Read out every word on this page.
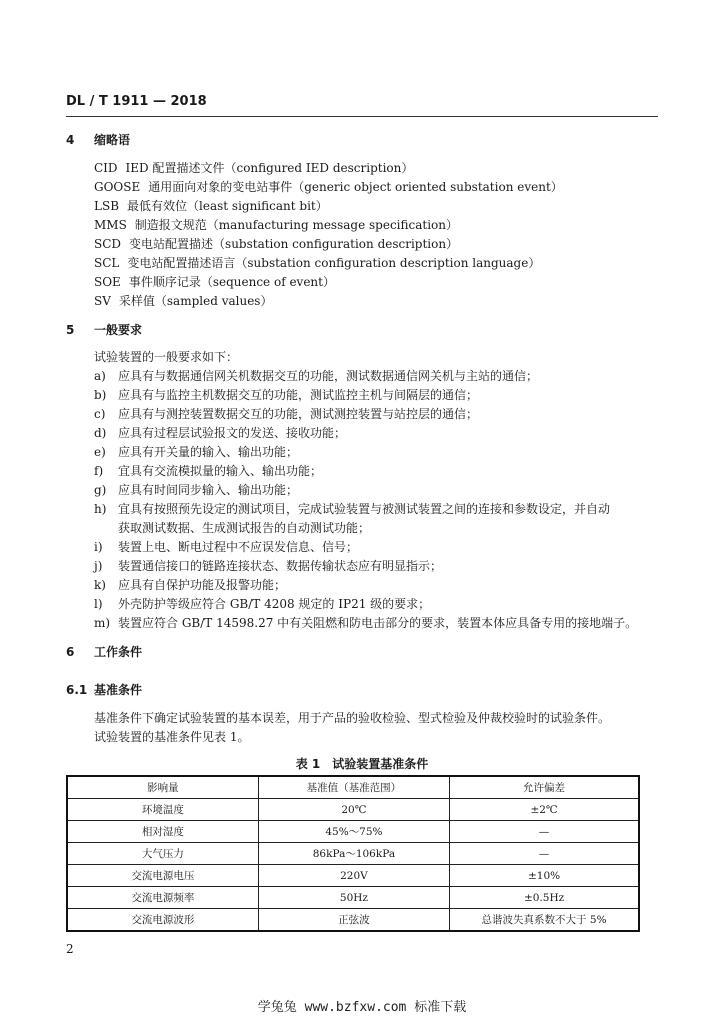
DL / T 1911 — 2018
4 缩略语
CID IED 配置描述文件（configured IED description）
GOOSE 通用面向对象的变电站事件（generic object oriented substation event）
LSB 最低有效位（least significant bit）
MMS 制造报文规范（manufacturing message specification）
SCD 变电站配置描述（substation configuration description）
SCL 变电站配置描述语言（substation configuration description language）
SOE 事件顺序记录（sequence of event）
SV 采样值（sampled values）
5 一般要求
试验装置的一般要求如下：
a) 应具有与数据通信网关机数据交互的功能，测试数据通信网关机与主站的通信；
b) 应具有与监控主机数据交互的功能，测试监控主机与间隔层的通信；
c) 应具有与测控装置数据交互的功能，测试测控装置与站控层的通信；
d) 应具有过程层试验报文的发送、接收功能；
e) 应具有开关量的输入、输出功能；
f) 宜具有交流模拟量的输入、输出功能；
g) 应具有时间同步输入、输出功能；
h) 宜具有按照预先设定的测试项目，完成试验装置与被测试装置之间的连接和参数设定，并自动
获取测试数据、生成测试报告的自动测试功能；
i) 装置上电、断电过程中不应误发信息、信号；
j) 装置通信接口的链路连接状态、数据传输状态应有明显指示；
k) 应具有自保护功能及报警功能；
l) 外壳防护等级应符合 GB/T 4208 规定的 IP21 级的要求；
m) 装置应符合 GB/T 14598.27 中有关阻燃和防电击部分的要求，装置本体应具备专用的接地端子。
6 工作条件
6.1 基准条件
基准条件下确定试验装置的基本误差，用于产品的验收检验、型式检验及仲裁校验时的试验条件。
试验装置的基准条件见表 1。
表 1　试验装置基准条件
影响量	基准值（基准范围）	允许偏差
环境温度	20℃	±2℃
相对湿度	45%～75%	—
大气压力	86kPa～106kPa	—
交流电源电压	220V	±10%
交流电源频率	50Hz	±0.5Hz
交流电源波形	正弦波	总谐波失真系数不大于 5%
2
学兔兔 www.bzfxw.com 标准下载
